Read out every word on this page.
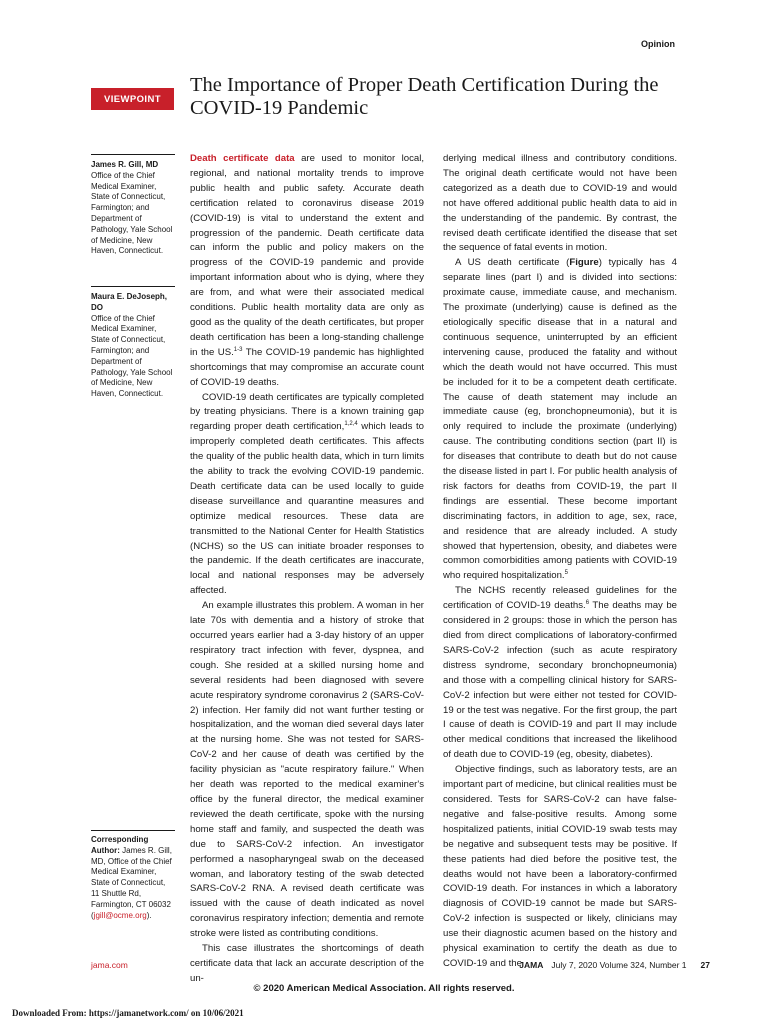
Opinion
VIEWPOINT
The Importance of Proper Death Certification During the COVID-19 Pandemic
James R. Gill, MD
Office of the Chief Medical Examiner, State of Connecticut, Farmington; and Department of Pathology, Yale School of Medicine, New Haven, Connecticut.
Maura E. DeJoseph, DO
Office of the Chief Medical Examiner, State of Connecticut, Farmington; and Department of Pathology, Yale School of Medicine, New Haven, Connecticut.
Corresponding Author: James R. Gill, MD, Office of the Chief Medical Examiner, State of Connecticut, 11 Shuttle Rd, Farmington, CT 06032 (jgill@ocme.org).

Death certificate data are used to monitor local, regional, and national mortality trends to improve public health and public safety. Accurate death certification related to coronavirus disease 2019 (COVID-19) is vital to understand the extent and progression of the pandemic. Death certificate data can inform the public and policy makers on the progress of the COVID-19 pandemic and provide important information about who is dying, where they are from, and what were their associated medical conditions. Public health mortality data are only as good as the quality of the death certificates, but proper death certification has been a long-standing challenge in the US.$^{1-3}$ The COVID-19 pandemic has highlighted shortcomings that may compromise an accurate count of COVID-19 deaths.

COVID-19 death certificates are typically completed by treating physicians. There is a known training gap regarding proper death certification,$^{1,2,4}$ which leads to improperly completed death certificates. This affects the quality of the public health data, which in turn limits the ability to track the evolving COVID-19 pandemic. Death certificate data can be used locally to guide disease surveillance and quarantine measures and optimize medical resources. These data are transmitted to the National Center for Health Statistics (NCHS) so the US can initiate broader responses to the pandemic. If the death certificates are inaccurate, local and national responses may be adversely affected.

An example illustrates this problem. A woman in her late 70s with dementia and a history of stroke that occurred years earlier had a 3-day history of an upper respiratory tract infection with fever, dyspnea, and cough. She resided at a skilled nursing home and several residents had been diagnosed with severe acute respiratory syndrome coronavirus 2 (SARS-CoV-2) infection. Her family did not want further testing or hospitalization, and the woman died several days later at the nursing home. She was not tested for SARS-CoV-2 and her cause of death was certified by the facility physician as "acute respiratory failure." When her death was reported to the medical examiner's office by the funeral director, the medical examiner reviewed the death certificate, spoke with the nursing home staff and family, and suspected the death was due to SARS-CoV-2 infection. An investigator performed a nasopharyngeal swab on the deceased woman, and laboratory testing of the swab detected SARS-CoV-2 RNA. A revised death certificate was issued with the cause of death indicated as novel coronavirus respiratory infection; dementia and remote stroke were listed as contributing conditions.

This case illustrates the shortcomings of death certificate data that lack an accurate description of the un-

derlying medical illness and contributory conditions. The original death certificate would not have been categorized as a death due to COVID-19 and would not have offered additional public health data to aid in the understanding of the pandemic. By contrast, the revised death certificate identified the disease that set the sequence of fatal events in motion.

A US death certificate (Figure) typically has 4 separate lines (part I) and is divided into sections: proximate cause, immediate cause, and mechanism. The proximate (underlying) cause is defined as the etiologically specific disease that in a natural and continuous sequence, uninterrupted by an efficient intervening cause, produced the fatality and without which the death would not have occurred. This must be included for it to be a competent death certificate. The cause of death statement may include an immediate cause (eg, bronchopneumonia), but it is only required to include the proximate (underlying) cause. The contributing conditions section (part II) is for diseases that contribute to death but do not cause the disease listed in part I. For public health analysis of risk factors for deaths from COVID-19, the part II findings are essential. These become important discriminating factors, in addition to age, sex, race, and residence that are already included. A study showed that hypertension, obesity, and diabetes were common comorbidities among patients with COVID-19 who required hospitalization.$^5$

The NCHS recently released guidelines for the certification of COVID-19 deaths.$^6$ The deaths may be considered in 2 groups: those in which the person has died from direct complications of laboratory-confirmed SARS-CoV-2 infection (such as acute respiratory distress syndrome, secondary bronchopneumonia) and those with a compelling clinical history for SARS-CoV-2 infection but were either not tested for COVID-19 or the test was negative. For the first group, the part I cause of death is COVID-19 and part II may include other medical conditions that increased the likelihood of death due to COVID-19 (eg, obesity, diabetes).

Objective findings, such as laboratory tests, are an important part of medicine, but clinical realities must be considered. Tests for SARS-CoV-2 can have false-negative and false-positive results. Among some hospitalized patients, initial COVID-19 swab tests may be negative and subsequent tests may be positive. If these patients had died before the positive test, the deaths would not have been a laboratory-confirmed COVID-19 death. For instances in which a laboratory diagnosis of COVID-19 cannot be made but SARS-CoV-2 infection is suspected or likely, clinicians may use their diagnostic acumen based on the history and physical examination to certify the death as due to COVID-19 and the

jama.com	JAMA July 7, 2020 Volume 324, Number 1 27
© 2020 American Medical Association. All rights reserved.
Downloaded From: https://jamanetwork.com/ on 10/06/2021
